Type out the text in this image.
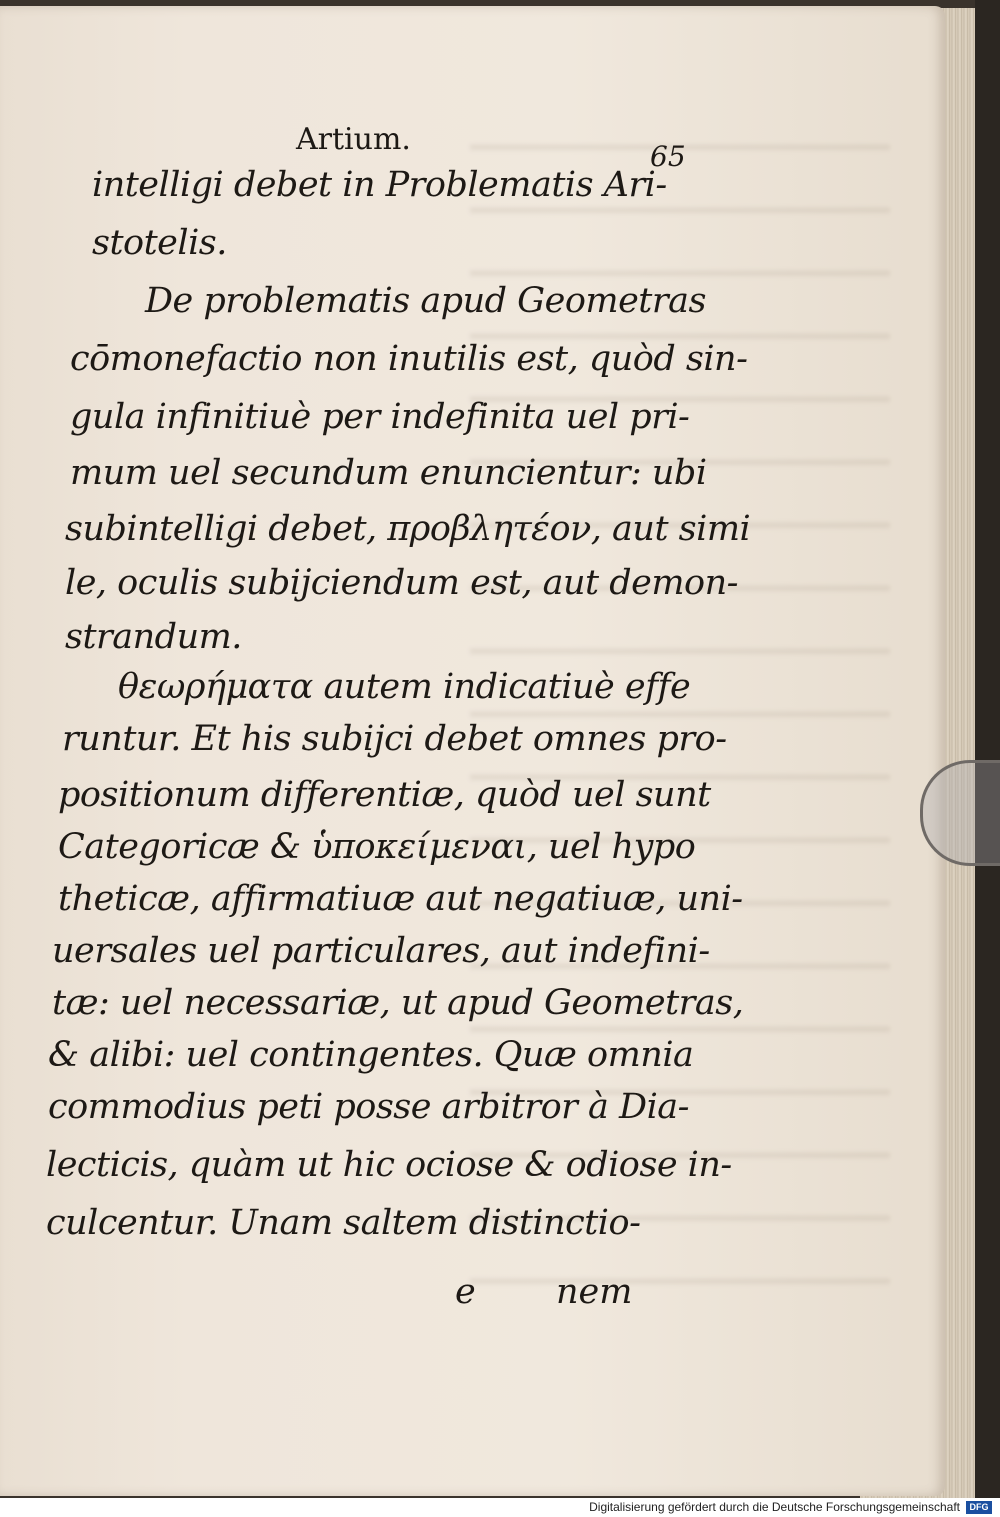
Artium.	65
intelligi debet in Problematis Ari-
stotelis.
De problematis apud Geometras
cōmonefactio non inutilis est, quòd sin-
gula infinitiuè per indefinita uel pri-
mum uel secundum enuncientur: ubi
subintelligi debet, προβλητέον, aut simi
le, oculis subijciendum est, aut demon-
strandum.
θεωρήματα autem indicatiuè effe
runtur. Et his subijci debet omnes pro-
positionum differentiæ, quòd uel sunt
Categoricæ & ὑποκείμεναι, uel hypo
theticæ, affirmatiuæ aut negatiuæ, uni-
uersales uel particulares, aut indefini-
tæ: uel necessariæ, ut apud Geometras,
& alibi: uel contingentes. Quæ omnia
commodius peti posse arbitror à Dia-
lecticis, quàm ut hic ociose & odiose in-
culcentur. Unam saltem distinctio-
e nem
Digitalisierung gefördert durch die Deutsche Forschungsgemeinschaft	DFG
